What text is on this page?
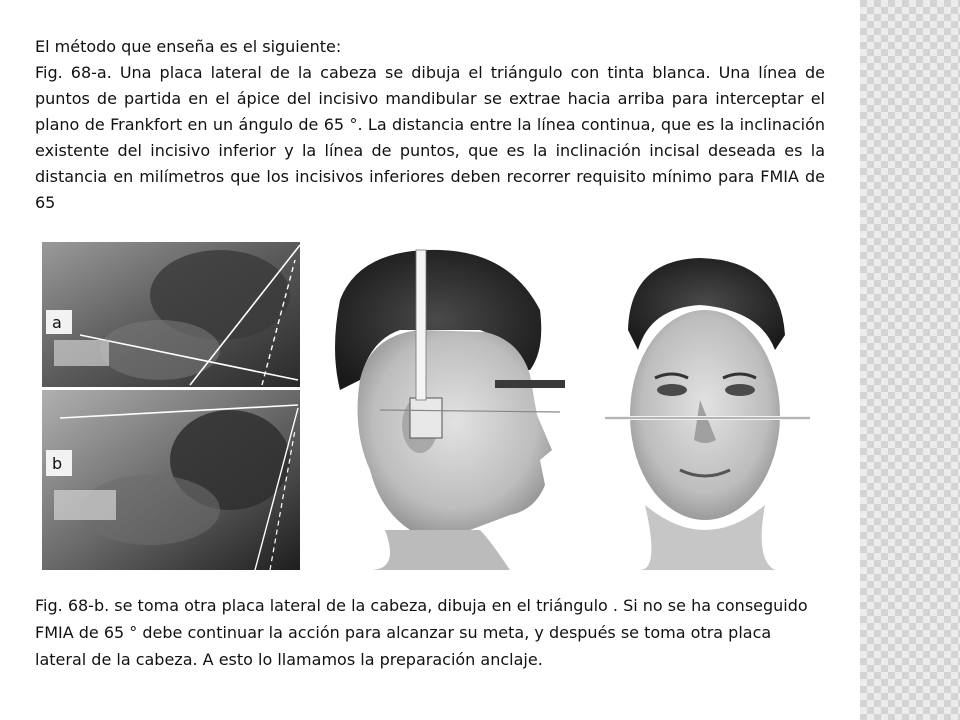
El método que enseña es el siguiente:

Fig. 68-a. Una placa lateral de la cabeza se dibuja el triángulo con tinta blanca. Una línea de puntos de partida en el ápice del incisivo mandibular se extrae hacia arriba para interceptar el plano de Frankfort en un ángulo de 65 °. La distancia entre la línea continua, que es la inclinación existente del incisivo inferior y la línea de puntos, que es la inclinación incisal deseada es la distancia en milímetros que los incisivos inferiores deben recorrer requisito mínimo para FMIA de 65

a
b

Fig. 68-b. se toma otra placa lateral de la cabeza, dibuja en el triángulo . Si no se ha conseguido FMIA de 65 ° debe continuar la acción para alcanzar su meta, y después se toma otra placa lateral de la cabeza. A esto lo llamamos la preparación anclaje.
